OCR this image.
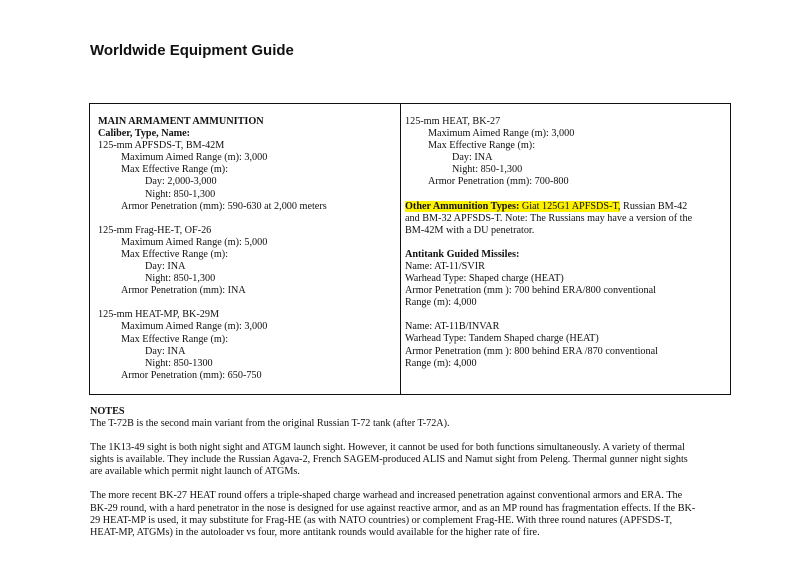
Worldwide Equipment Guide
MAIN ARMAMENT AMMUNITION
Caliber, Type, Name:
125-mm APFSDS-T, BM-42M
Maximum Aimed Range (m): 3,000
Max Effective Range (m):
Day: 2,000-3,000
Night: 850-1,300
Armor Penetration (mm): 590-630 at 2,000 meters
125-mm Frag-HE-T, OF-26
Maximum Aimed Range (m): 5,000
Max Effective Range (m):
Day: INA
Night: 850-1,300
Armor Penetration (mm): INA
125-mm HEAT-MP, BK-29M
Maximum Aimed Range (m): 3,000
Max Effective Range (m):
Day: INA
Night: 850-1300
Armor Penetration (mm): 650-750
125-mm HEAT, BK-27
Maximum Aimed Range (m): 3,000
Max Effective Range (m):
Day: INA
Night: 850-1,300
Armor Penetration (mm): 700-800
Other Ammunition Types: Giat 125G1 APFSDS-T, Russian BM-42
and BM-32 APFSDS-T. Note: The Russians may have a version of the
BM-42M with a DU penetrator.
Antitank Guided Missiles:
Name: AT-11/SVIR
Warhead Type: Shaped charge (HEAT)
Armor Penetration (mm ): 700 behind ERA/800 conventional
Range (m): 4,000
Name: AT-11B/INVAR
Warhead Type: Tandem Shaped charge (HEAT)
Armor Penetration (mm ): 800 behind ERA /870 conventional
Range (m): 4,000

NOTES

The T-72B is the second main variant from the original Russian T-72 tank (after T-72A).

The 1K13-49 sight is both night sight and ATGM launch sight. However, it cannot be used for both functions simultaneously. A variety of thermal

sights is available. They include the Russian Agava-2, French SAGEM-produced ALIS and Namut sight from Peleng. Thermal gunner night sights

are available which permit night launch of ATGMs.

The more recent BK-27 HEAT round offers a triple-shaped charge warhead and increased penetration against conventional armors and ERA. The

BK-29 round, with a hard penetrator in the nose is designed for use against reactive armor, and as an MP round has fragmentation effects. If the BK-

29 HEAT-MP is used, it may substitute for Frag-HE (as with NATO countries) or complement Frag-HE. With three round natures (APFSDS-T,

HEAT-MP, ATGMs) in the autoloader vs four, more antitank rounds would available for the higher rate of fire.
